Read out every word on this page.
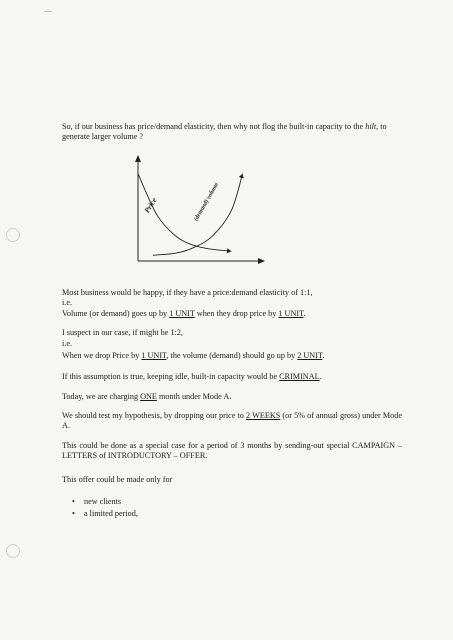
—

So, if our business has price/demand elasticity, then why not flog the built-in capacity to the hilt, to generate larger volume ?

Price	(demand) volume

Most business would be happy, if they have a price:demand elasticity of 1:1,

i.e.

Volume (or demand) goes up by 1 UNIT when they drop price by 1 UNIT.

I suspect in our case, if might be 1:2,

i.e.

When we drop Price by 1 UNIT, the volume (demand) should go up by 2 UNIT.

If this assumption is true, keeping idle, built-in capacity would be CRIMINAL.

Today, we are charging ONE month under Mode A.

We should test my hypothesis, by dropping our price to 2 WEEKS (or 5% of annual gross) under Mode A.

This could be done as a special case for a period of 3 months by sending-out special CAMPAIGN – LETTERS of INTRODUCTORY – OFFER.

This offer could be made only for

• new clients
• a limited period,
